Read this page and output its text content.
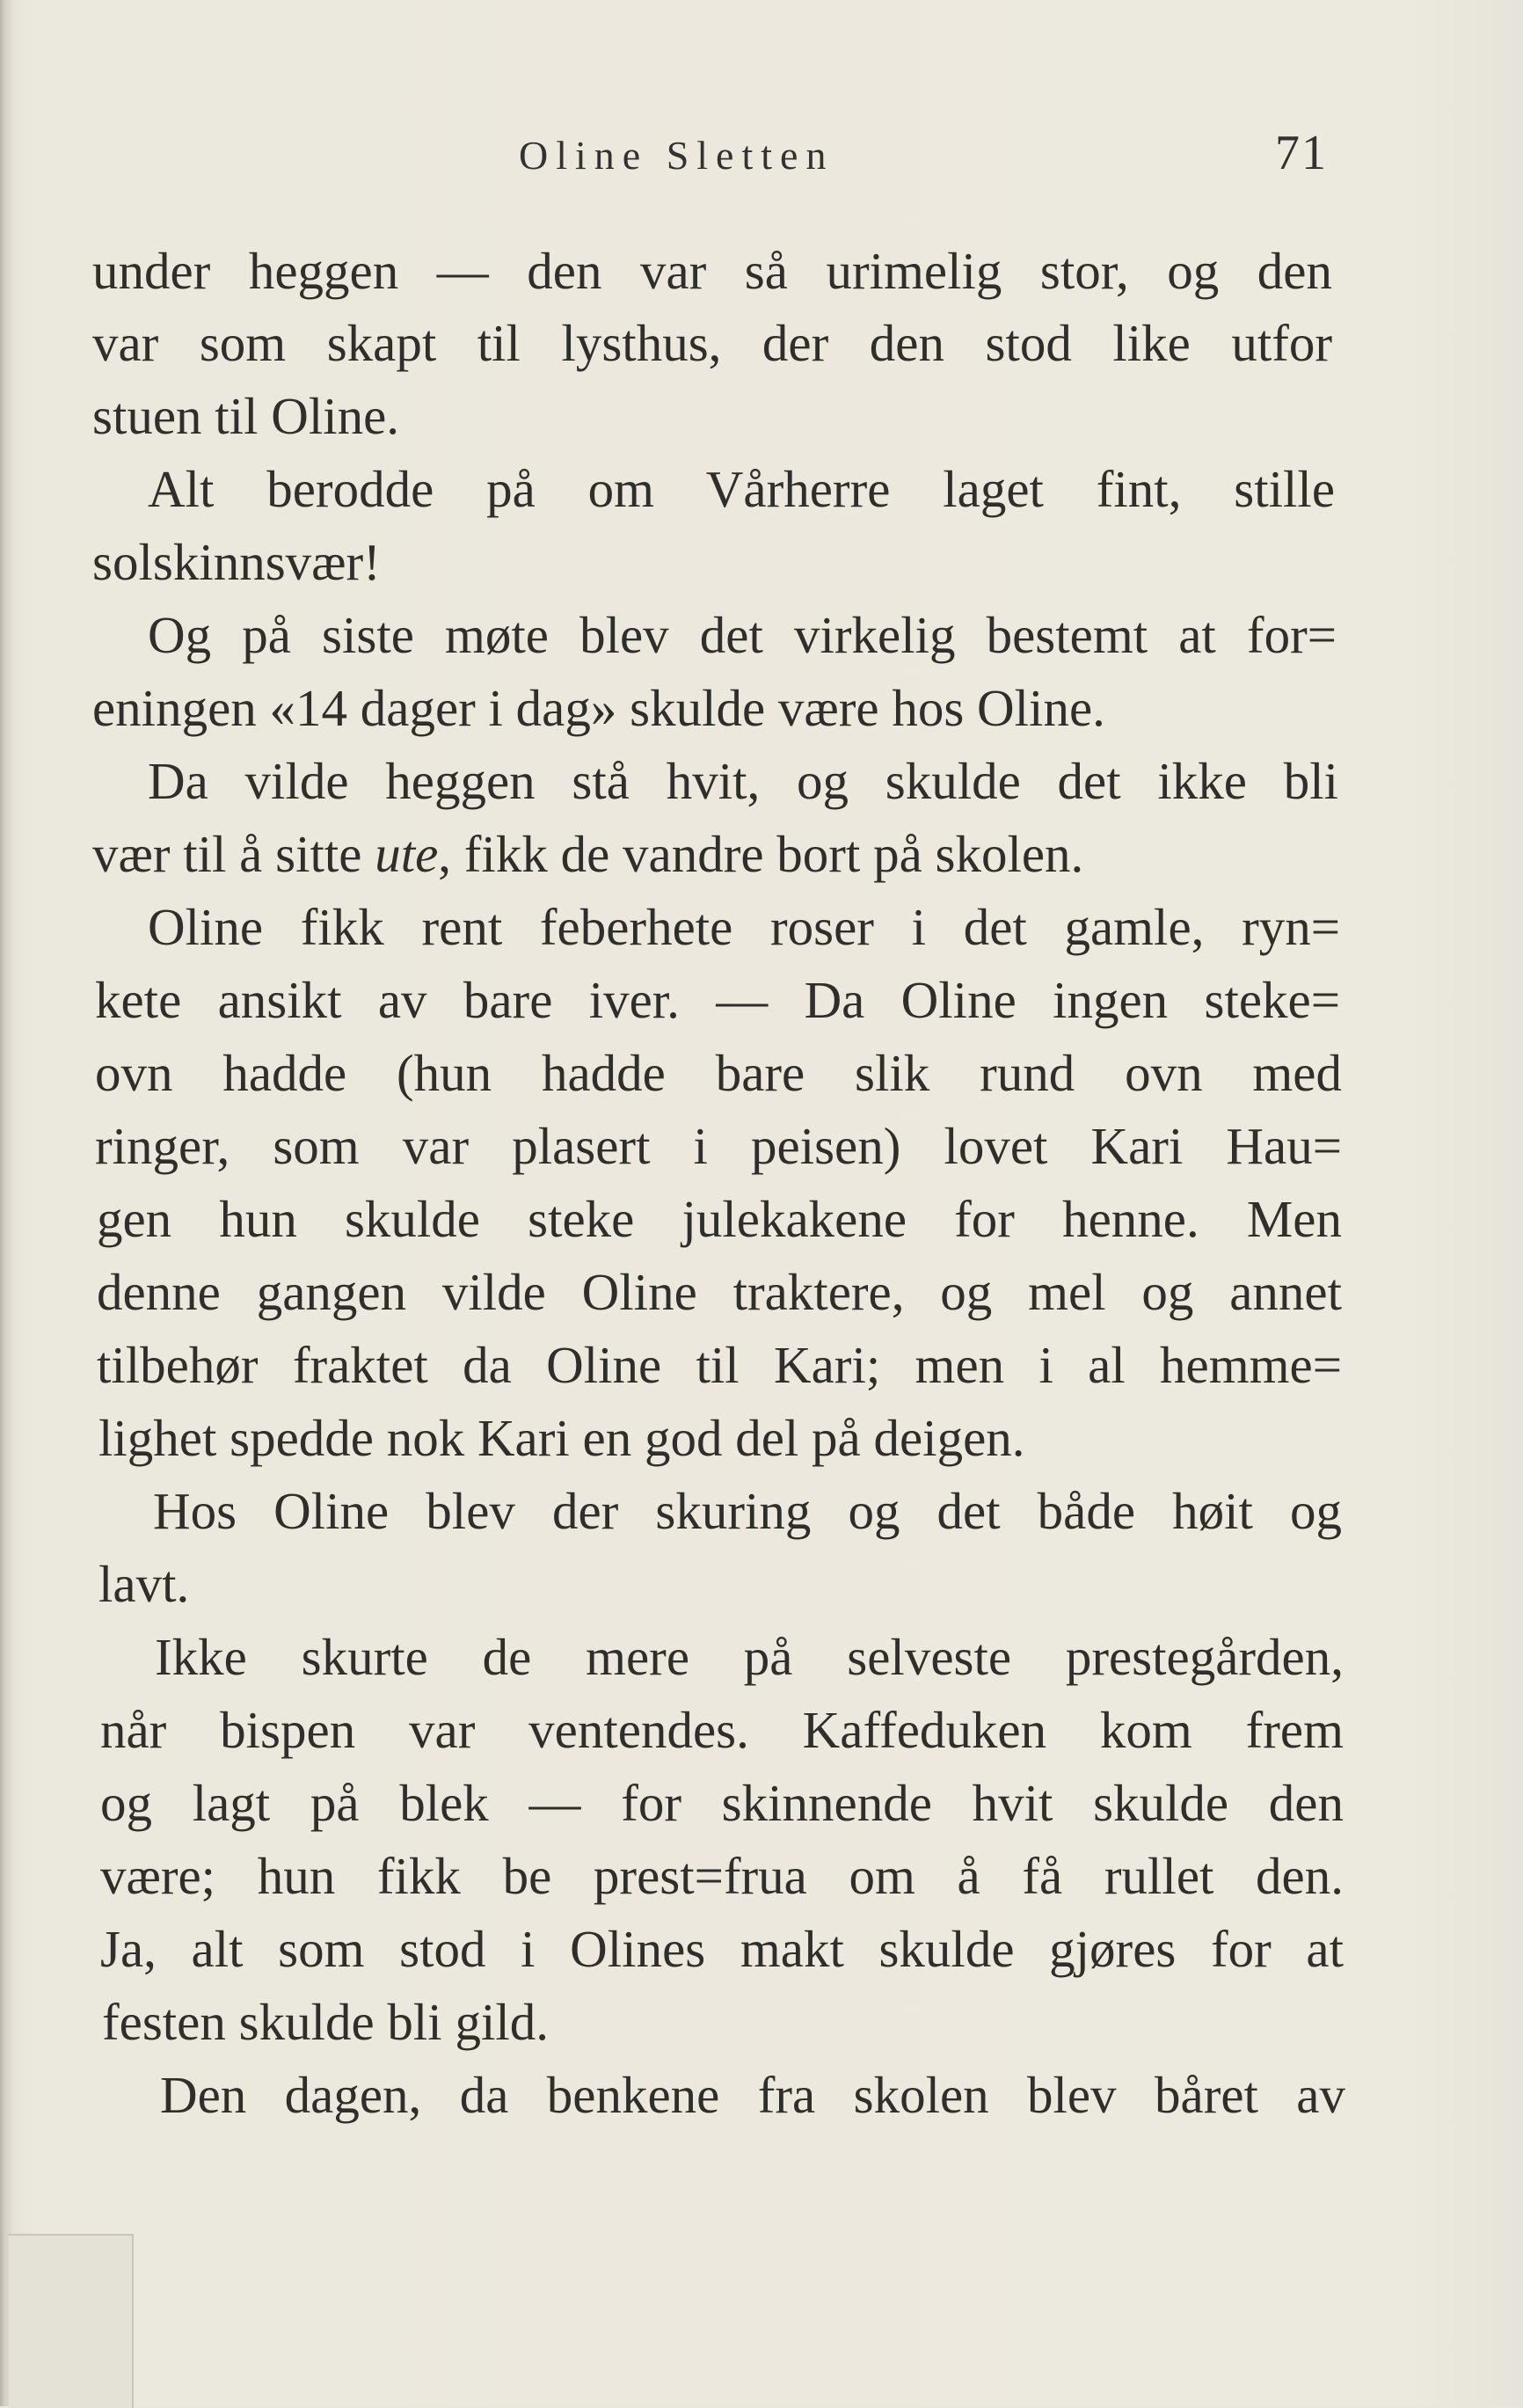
Oline Sletten	71
under heggen — den var så urimelig stor, og den
var som skapt til lysthus, der den stod like utfor
stuen til Oline.
Alt berodde på om Vårherre laget fint, stille
solskinnsvær!
Og på siste møte blev det virkelig bestemt at for=
eningen «14 dager i dag» skulde være hos Oline.
Da vilde heggen stå hvit, og skulde det ikke bli
vær til å sitte ute, fikk de vandre bort på skolen.
Oline fikk rent feberhete roser i det gamle, ryn=
kete ansikt av bare iver. — Da Oline ingen steke=
ovn hadde (hun hadde bare slik rund ovn med
ringer, som var plasert i peisen) lovet Kari Hau=
gen hun skulde steke julekakene for henne. Men
denne gangen vilde Oline traktere, og mel og annet
tilbehør fraktet da Oline til Kari; men i al hemme=
lighet spedde nok Kari en god del på deigen.
Hos Oline blev der skuring og det både høit og
lavt.
Ikke skurte de mere på selveste prestegården,
når bispen var ventendes. Kaffeduken kom frem
og lagt på blek — for skinnende hvit skulde den
være; hun fikk be prest=frua om å få rullet den.
Ja, alt som stod i Olines makt skulde gjøres for at
festen skulde bli gild.
Den dagen, da benkene fra skolen blev båret av
